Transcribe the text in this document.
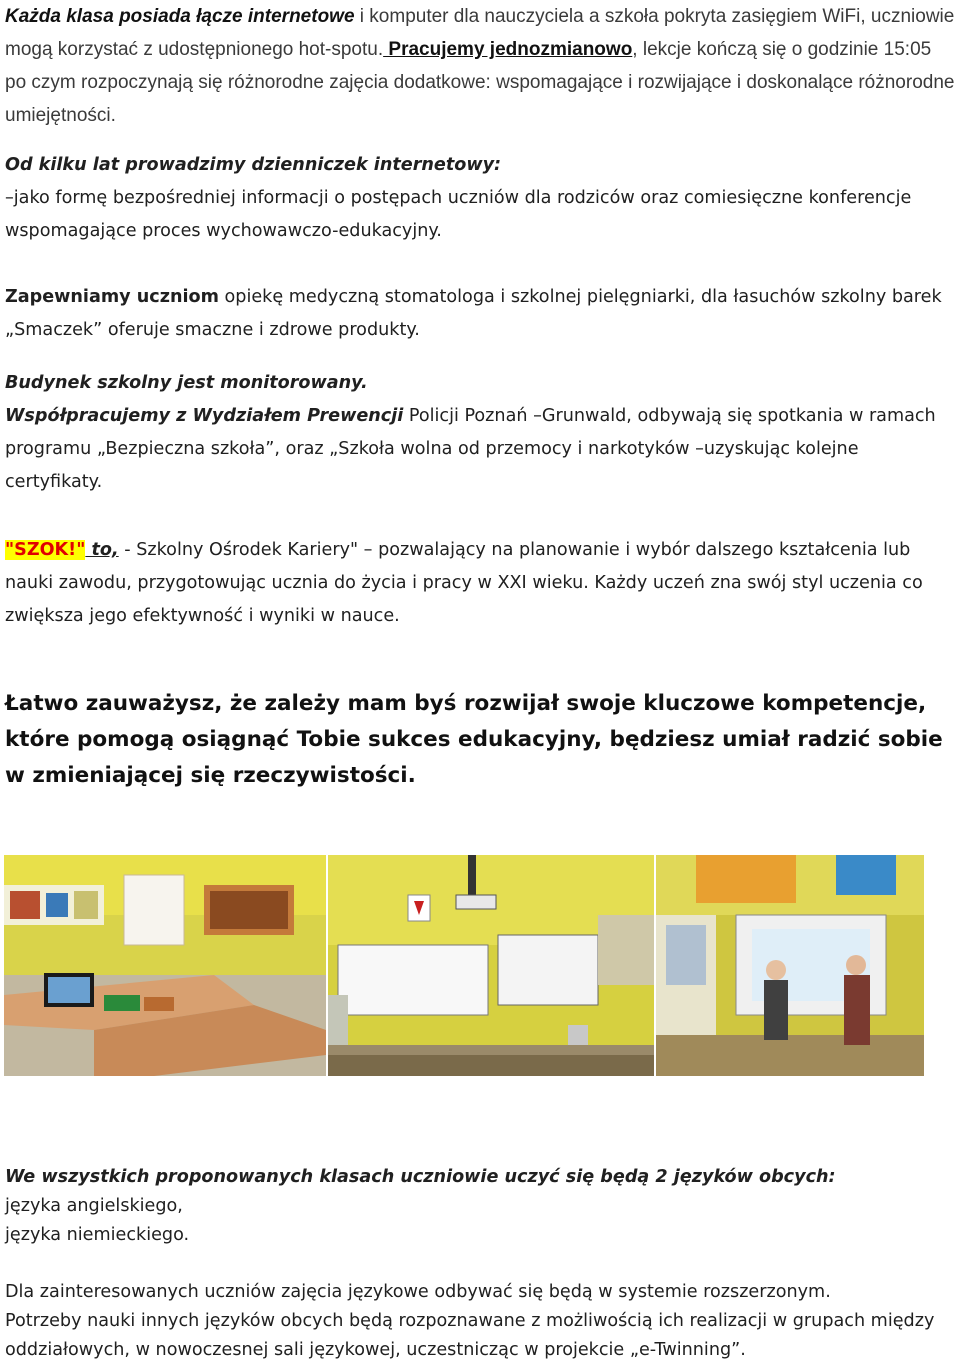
Każda klasa posiada łącze internetowe i komputer dla nauczyciela a szkoła pokryta zasięgiem WiFi, uczniowie mogą korzystać z udostępnionego hot-spotu. Pracujemy jednozmianowo, lekcje kończą się o godzinie 15:05 po czym rozpoczynają się różnorodne zajęcia dodatkowe: wspomagające i rozwijające i doskonalące różnorodne umiejętności.

Od kilku lat prowadzimy dzienniczek internetowy:
–jako formę bezpośredniej informacji o postępach uczniów dla rodziców oraz comiesięczne konferencje wspomagające proces wychowawczo-edukacyjny.

Zapewniamy uczniom opiekę medyczną stomatologa i szkolnej pielęgniarki, dla łasuchów szkolny barek „Smaczek” oferuje smaczne i zdrowe produkty.

Budynek szkolny jest monitorowany.
Współpracujemy z Wydziałem Prewencji Policji Poznań –Grunwald, odbywają się spotkania w ramach programu „Bezpieczna szkoła”, oraz „Szkoła wolna od przemocy i narkotyków –uzyskując kolejne certyfikaty.

"SZOK!" to, - Szkolny Ośrodek Kariery" – pozwalający na planowanie i wybór dalszego kształcenia lub nauki zawodu, przygotowując ucznia do życia i pracy w XXI wieku. Każdy uczeń zna swój styl uczenia co zwiększa jego efektywność i wyniki w nauce.

Łatwo zauważysz, że zależy mam byś rozwijał swoje kluczowe kompetencje, które pomogą osiągnąć Tobie sukces edukacyjny, będziesz umiał radzić sobie w zmieniającej się rzeczywistości.

We wszystkich proponowanych klasach uczniowie uczyć się będą 2 języków obcych:
języka angielskiego,
języka niemieckiego.

Dla zainteresowanych uczniów zajęcia językowe odbywać się będą w systemie rozszerzonym.
Potrzeby nauki innych języków obcych będą rozpoznawane z możliwością ich realizacji w grupach między oddziałowych, w nowoczesnej sali językowej, uczestnicząc w projekcie „e-Twinning”.
